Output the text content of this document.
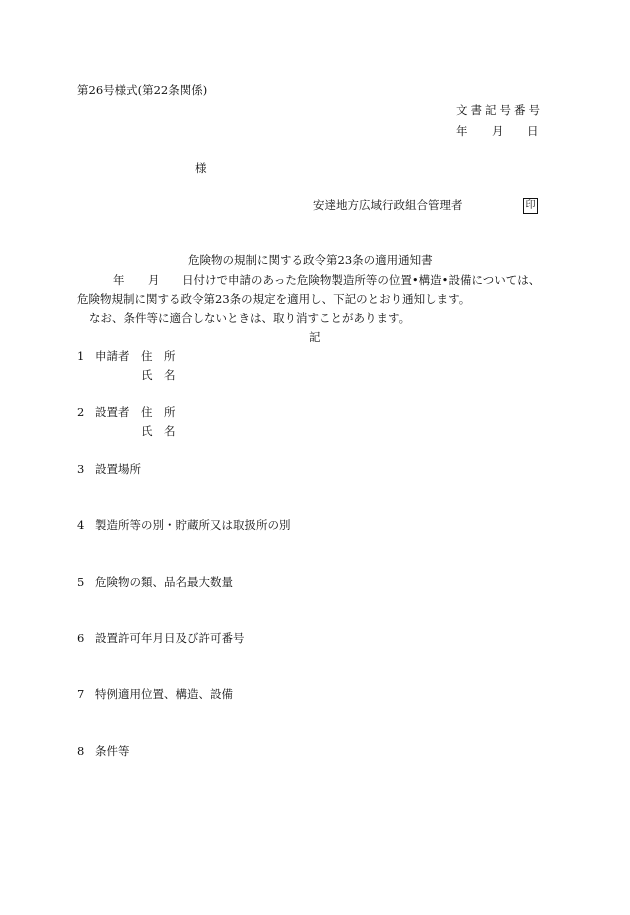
第26号様式(第22条関係)
文書記号番号
年 月 日
様
安達地方広域行政組合管理者	印
危険物の規制に関する政令第23条の適用通知書
年 月 日付けで申請のあった危険物製造所等の位置•構造•設備については、
危険物規制に関する政令第23条の規定を適用し、下記のとおり通知します。
なお、条件等に適合しないときは、取り消すことがあります。
記
1 申請者 住　所
氏　名
2 設置者 住　所
氏　名
3 設置場所
4 製造所等の別・貯蔵所又は取扱所の別
5 危険物の類、品名最大数量
6 設置許可年月日及び許可番号
7 特例適用位置、構造、設備
8 条件等
